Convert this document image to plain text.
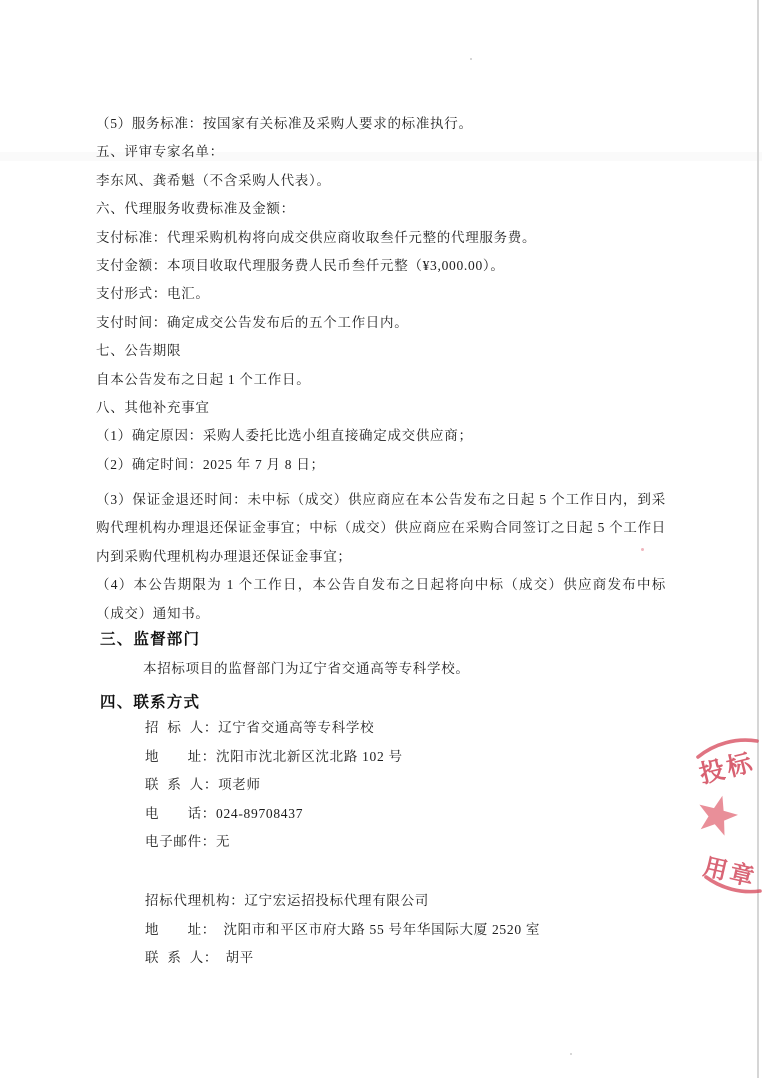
（5）服务标准：按国家有关标准及采购人要求的标准执行。
五、评审专家名单：
李东风、龚希魁（不含采购人代表）。
六、代理服务收费标准及金额：
支付标准：代理采购机构将向成交供应商收取叁仟元整的代理服务费。
支付金额：本项目收取代理服务费人民币叁仟元整（¥3,000.00）。
支付形式：电汇。
支付时间：确定成交公告发布后的五个工作日内。
七、公告期限
自本公告发布之日起 1 个工作日。
八、其他补充事宜
（1）确定原因：采购人委托比选小组直接确定成交供应商；
（2）确定时间：2025 年 7 月 8 日；
（3）保证金退还时间：未中标（成交）供应商应在本公告发布之日起 5 个工作日内，到采
购代理机构办理退还保证金事宜；中标（成交）供应商应在采购合同签订之日起 5 个工作日
内到采购代理机构办理退还保证金事宜；
（4）本公告期限为 1 个工作日，本公告自发布之日起将向中标（成交）供应商发布中标
（成交）通知书。
三、监督部门
本招标项目的监督部门为辽宁省交通高等专科学校。
四、联系方式
招  标  人：辽宁省交通高等专科学校
地　　址：沈阳市沈北新区沈北路 102 号
联  系  人：项老师
电　　话：024-89708437
电子邮件：无
招标代理机构：辽宁宏运招投标代理有限公司
地　　址：　沈阳市和平区市府大路 55 号年华国际大厦 2520 室
联  系  人：　胡平
投标
用章
